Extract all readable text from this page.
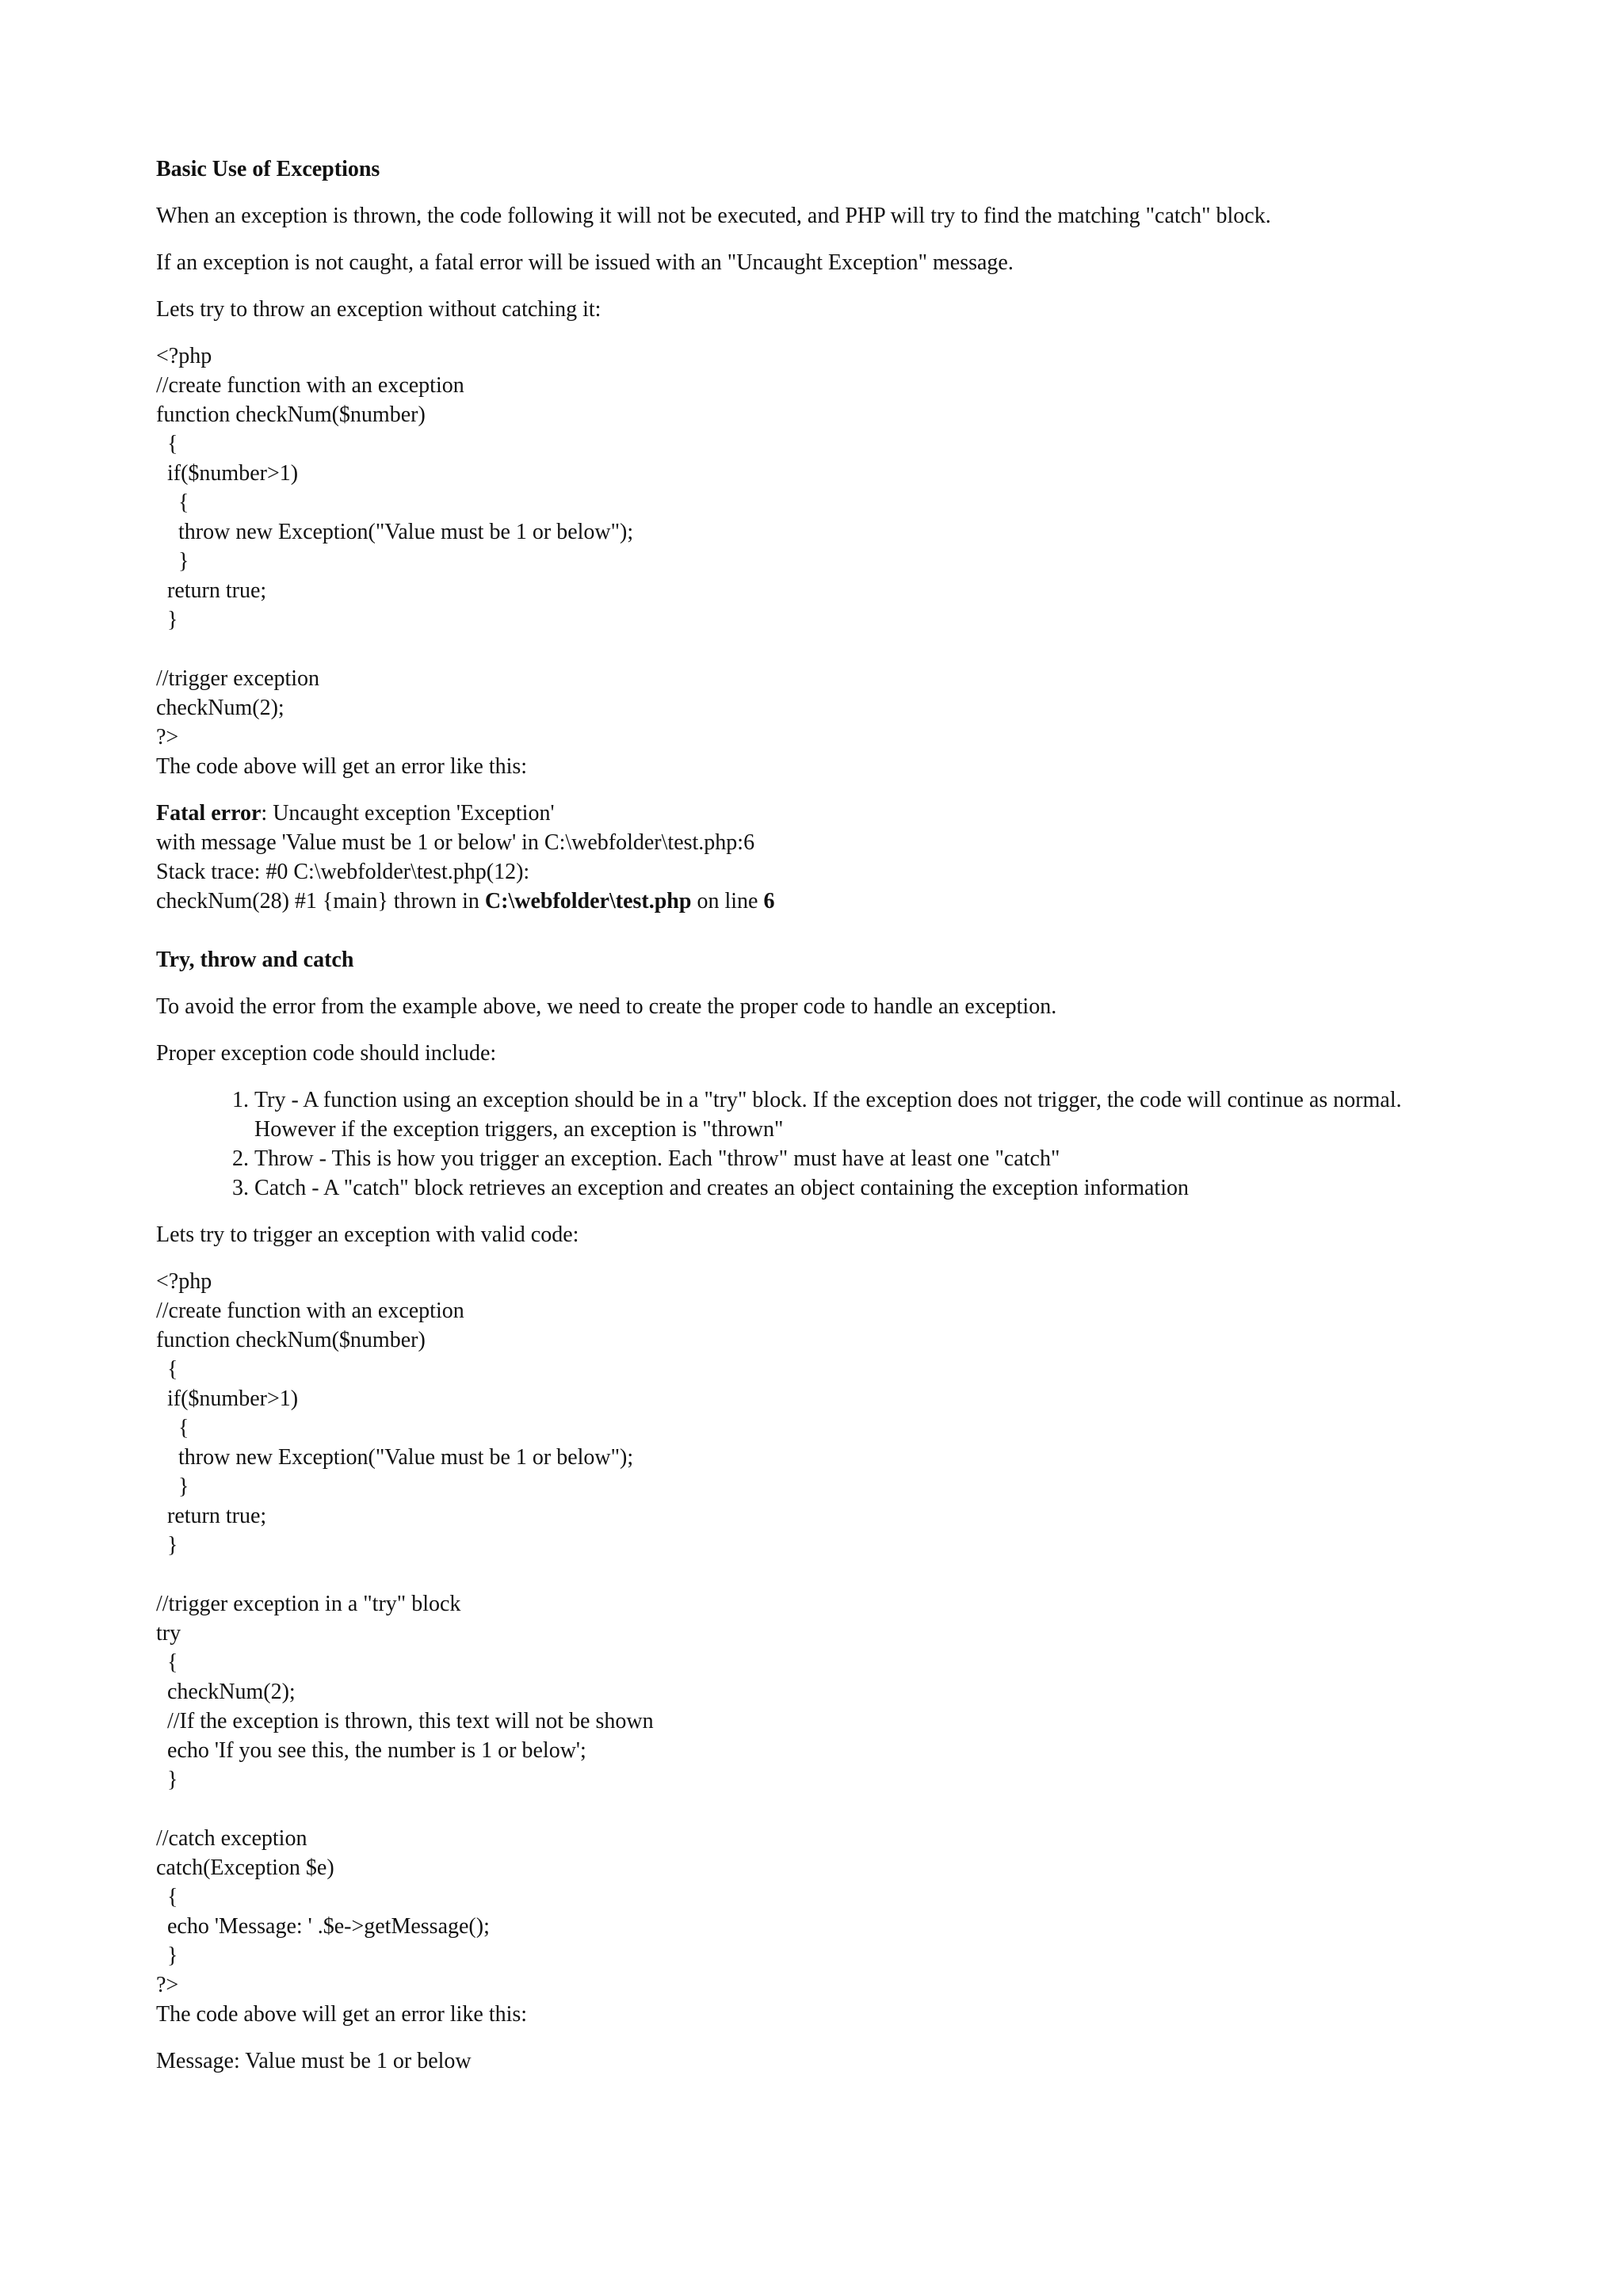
Basic Use of Exceptions

When an exception is thrown, the code following it will not be executed, and PHP will try to find the matching "catch" block.

If an exception is not caught, a fatal error will be issued with an "Uncaught Exception" message.

Lets try to throw an exception without catching it:

<?php
//create function with an exception
function checkNum($number)
{
if($number>1)
{
throw new Exception("Value must be 1 or below");
}
return true;
}
//trigger exception
checkNum(2);
?>

The code above will get an error like this:

Fatal error: Uncaught exception 'Exception'
with message 'Value must be 1 or below' in C:\webfolder\test.php:6
Stack trace: #0 C:\webfolder\test.php(12):
checkNum(28) #1 {main} thrown in C:\webfolder\test.php on line 6
Try, throw and catch

To avoid the error from the example above, we need to create the proper code to handle an exception.

Proper exception code should include:

1. Try - A function using an exception should be in a "try" block. If the exception does not trigger, the code will continue as normal. However if the exception triggers, an exception is "thrown"
2. Throw - This is how you trigger an exception. Each "throw" must have at least one "catch"
3. Catch - A "catch" block retrieves an exception and creates an object containing the exception information

Lets try to trigger an exception with valid code:

<?php
//create function with an exception
function checkNum($number)
{
if($number>1)
{
throw new Exception("Value must be 1 or below");
}
return true;
}
//trigger exception in a "try" block
try
{
checkNum(2);
//If the exception is thrown, this text will not be shown
echo 'If you see this, the number is 1 or below';
}
//catch exception
catch(Exception $e)
{
echo 'Message: ' .$e->getMessage();
}
?>

The code above will get an error like this:

Message: Value must be 1 or below
